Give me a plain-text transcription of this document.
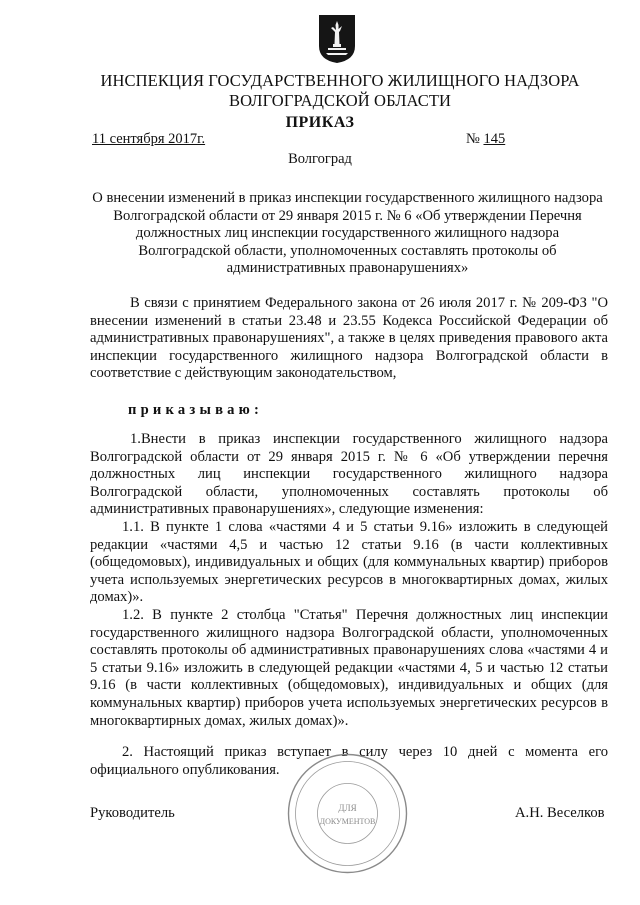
ИНСПЕКЦИЯ ГОСУДАРСТВЕННОГО ЖИЛИЩНОГО НАДЗОРА
ВОЛГОГРАДСКОЙ ОБЛАСТИ
ПРИКАЗ
11 сентября 2017г.	№ 145
Волгоград
О внесении изменений в приказ инспекции государственного жилищного надзора Волгоградской области от 29 января 2015 г. № 6 «Об утверждении Перечня должностных лиц инспекции государственного жилищного надзора Волгоградской области, уполномоченных составлять протоколы об административных правонарушениях»
В связи с принятием Федерального закона от 26 июля 2017 г. № 209-ФЗ "О внесении изменений в статьи 23.48 и 23.55 Кодекса Российской Федерации об административных правонарушениях", а также в целях приведения правового акта инспекции государственного жилищного надзора Волгоградской области в соответствие с действующим законодательством,
приказываю:
1.Внести в приказ инспекции государственного жилищного надзора Волгоградской области от 29 января 2015 г. № 6 «Об утверждении перечня должностных лиц инспекции государственного жилищного надзора Волгоградской области, уполномоченных составлять протоколы об административных правонарушениях», следующие изменения:
1.1. В пункте 1 слова «частями 4 и 5 статьи 9.16» изложить в следующей редакции «частями 4,5 и частью 12 статьи 9.16 (в части коллективных (общедомовых), индивидуальных и общих (для коммунальных квартир) приборов учета используемых энергетических ресурсов в многоквартирных домах, жилых домах)».
1.2. В пункте 2 столбца "Статья" Перечня должностных лиц инспекции государственного жилищного надзора Волгоградской области, уполномоченных составлять протоколы об административных правонарушениях слова «частями 4 и 5 статьи 9.16» изложить в следующей редакции «частями 4, 5 и частью 12 статьи 9.16 (в части коллективных (общедомовых), индивидуальных и общих (для коммунальных квартир) приборов учета используемых энергетических ресурсов в многоквартирных домах, жилых домах)».
2. Настоящий приказ вступает в силу через 10 дней с момента его официального опубликования.
Руководитель	А.Н. Веселков
ДЛЯ
ДОКУМЕНТОВ
